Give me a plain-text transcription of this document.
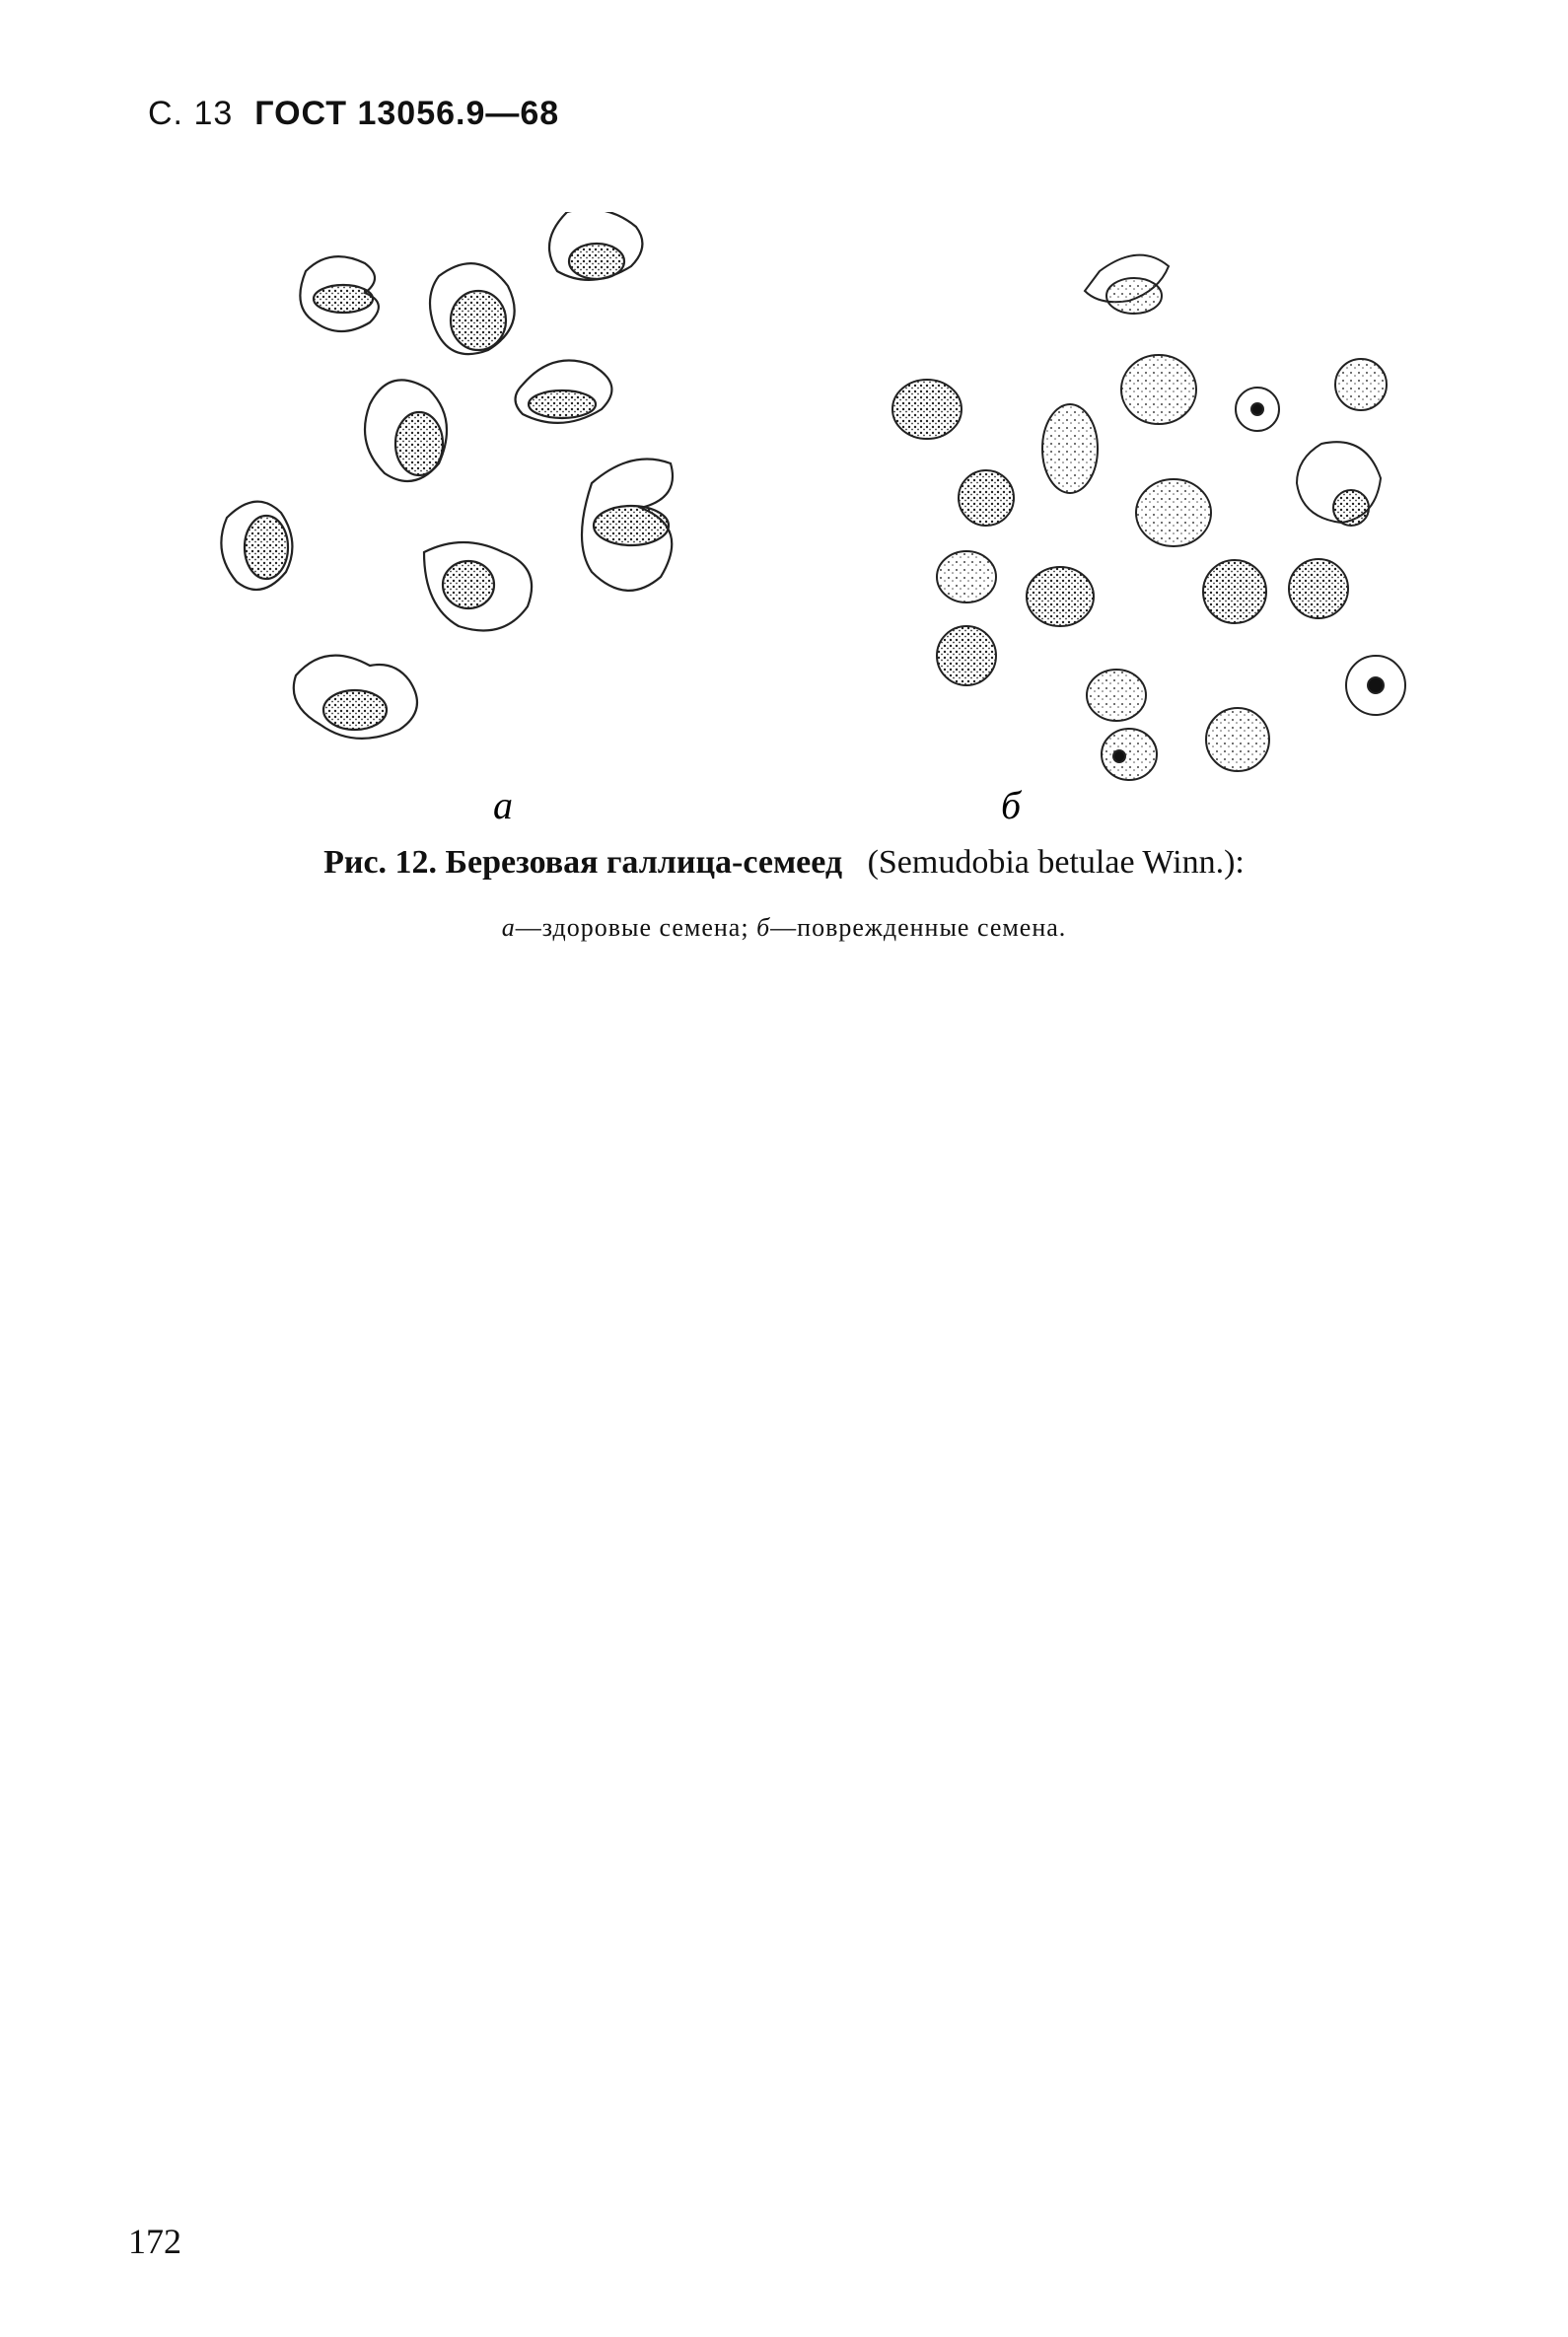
С. 13 ГОСТ 13056.9—68
а	б
Рис. 12. Березовая галлица-семеед (Semudobia betulae Winn.):
а—здоровые семена; б—поврежденные семена.
172
